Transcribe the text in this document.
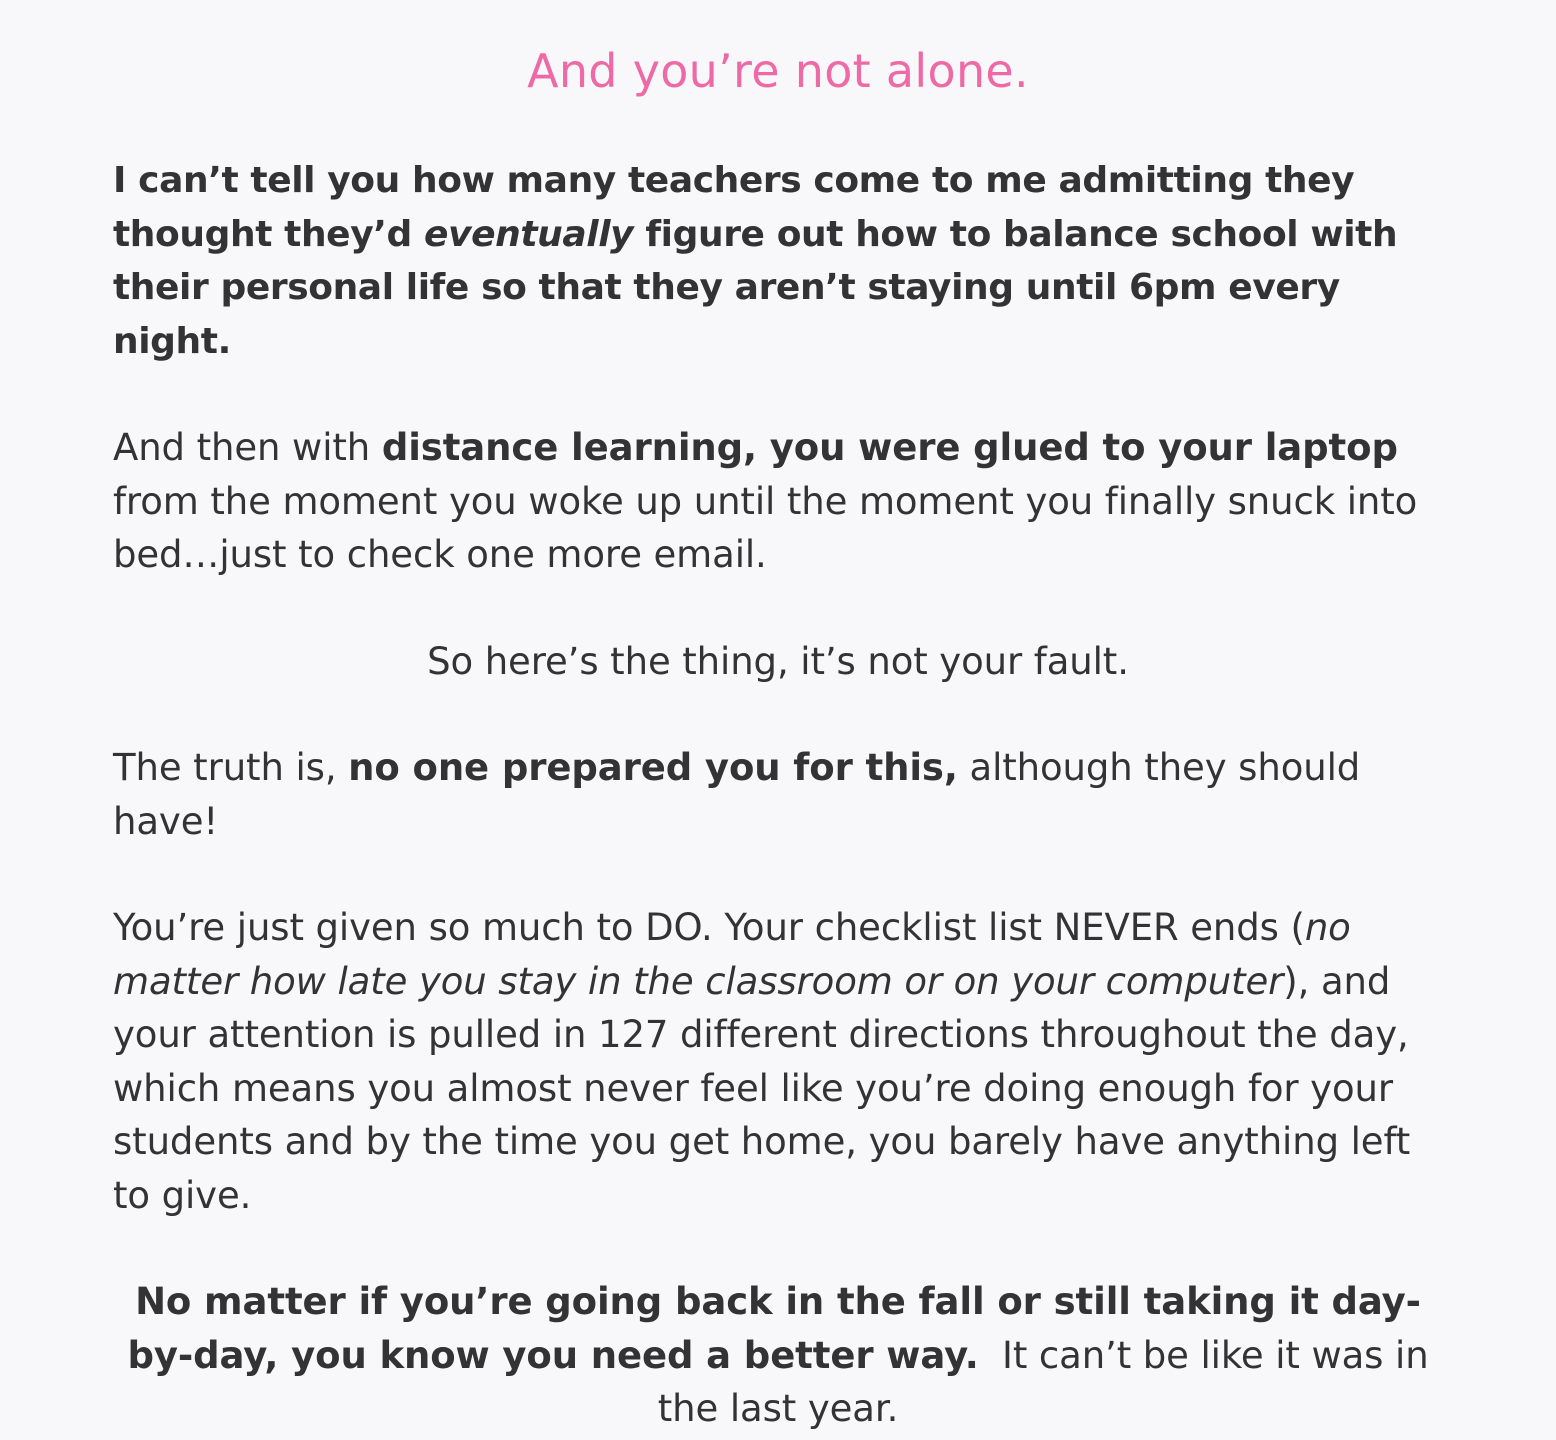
And you’re not alone.

I can’t tell you how many teachers come to me admitting they thought they’d eventually figure out how to balance school with their personal life so that they aren’t staying until 6pm every night.

And then with distance learning, you were glued to your laptop from the moment you woke up until the moment you finally snuck into bed…just to check one more email.

So here’s the thing, it’s not your fault.

The truth is, no one prepared you for this, although they should have!

You’re just given so much to DO. Your checklist list NEVER ends (no matter how late you stay in the classroom or on your computer), and your attention is pulled in 127 different directions throughout the day, which means you almost never feel like you’re doing enough for your students and by the time you get home, you barely have anything left to give.

No matter if you’re going back in the fall or still taking it day-by-day, you know you need a better way.  It can’t be like it was in the last year.
